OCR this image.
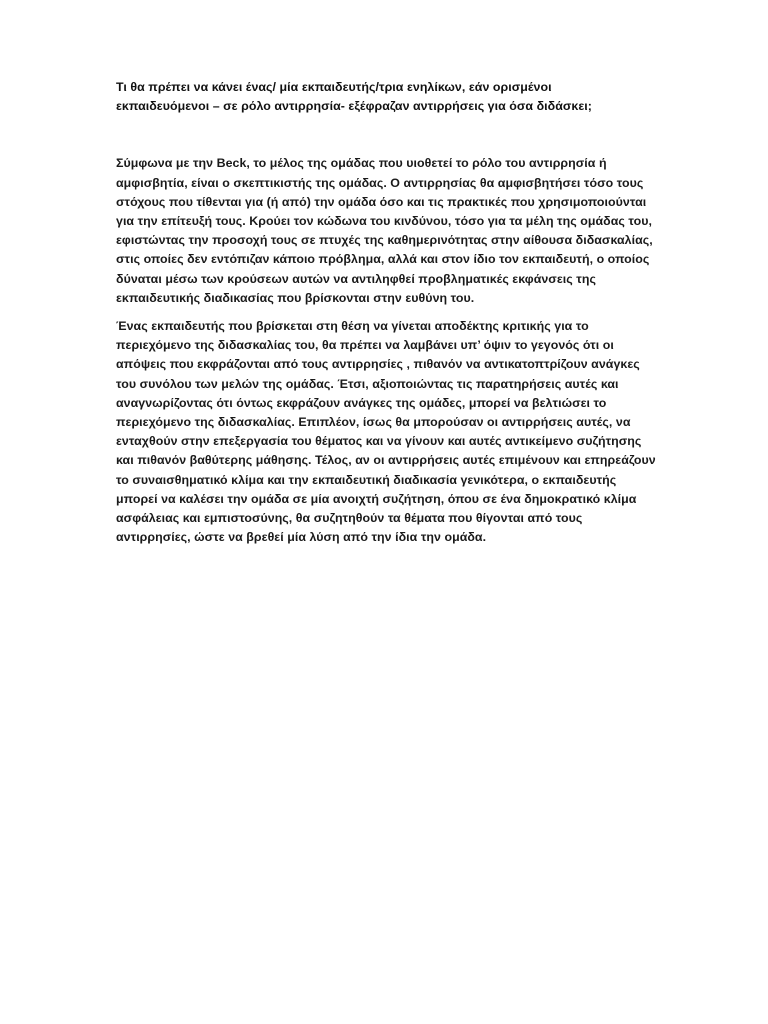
Τι θα πρέπει να κάνει ένας/ μία εκπαιδευτής/τρια ενηλίκων, εάν ορισμένοι
εκπαιδευόμενοι – σε ρόλο αντιρρησία- εξέφραζαν αντιρρήσεις για όσα διδάσκει;

Σύμφωνα με την Beck, το μέλος της ομάδας που υιοθετεί το ρόλο του αντιρρησία ή
αμφισβητία, είναι ο σκεπτικιστής της ομάδας. Ο αντιρρησίας θα αμφισβητήσει τόσο τους
στόχους που τίθενται για (ή από) την ομάδα όσο και τις πρακτικές που χρησιμοποιούνται
για την επίτευξή τους. Κρούει τον κώδωνα του κινδύνου, τόσο για τα μέλη της ομάδας του,
εφιστώντας την προσοχή τους σε πτυχές της καθημερινότητας στην αίθουσα διδασκαλίας,
στις οποίες δεν εντόπιζαν κάποιο πρόβλημα, αλλά και στον ίδιο τον εκπαιδευτή, ο οποίος
δύναται μέσω των κρούσεων αυτών να αντιληφθεί προβληματικές εκφάνσεις της
εκπαιδευτικής διαδικασίας που βρίσκονται στην ευθύνη του.

Ένας εκπαιδευτής που βρίσκεται στη θέση να γίνεται αποδέκτης κριτικής για το
περιεχόμενο της διδασκαλίας του, θα πρέπει να λαμβάνει υπ’ όψιν το γεγονός ότι οι
απόψεις που εκφράζονται από τους αντιρρησίες , πιθανόν να αντικατοπτρίζουν ανάγκες
του συνόλου των μελών της ομάδας. Έτσι, αξιοποιώντας τις παρατηρήσεις αυτές και
αναγνωρίζοντας ότι όντως εκφράζουν ανάγκες της ομάδες, μπορεί να βελτιώσει το
περιεχόμενο της διδασκαλίας. Επιπλέον, ίσως θα μπορούσαν οι αντιρρήσεις αυτές, να
ενταχθούν στην επεξεργασία του θέματος και να γίνουν και αυτές αντικείμενο συζήτησης
και πιθανόν βαθύτερης μάθησης. Τέλος, αν οι αντιρρήσεις αυτές επιμένουν και επηρεάζουν
το συναισθηματικό κλίμα και την εκπαιδευτική διαδικασία γενικότερα, ο εκπαιδευτής
μπορεί να καλέσει την ομάδα σε μία ανοιχτή συζήτηση, όπου σε ένα δημοκρατικό κλίμα
ασφάλειας και εμπιστοσύνης, θα συζητηθούν τα θέματα που θίγονται από τους
αντιρρησίες, ώστε να βρεθεί μία λύση από την ίδια την ομάδα.
